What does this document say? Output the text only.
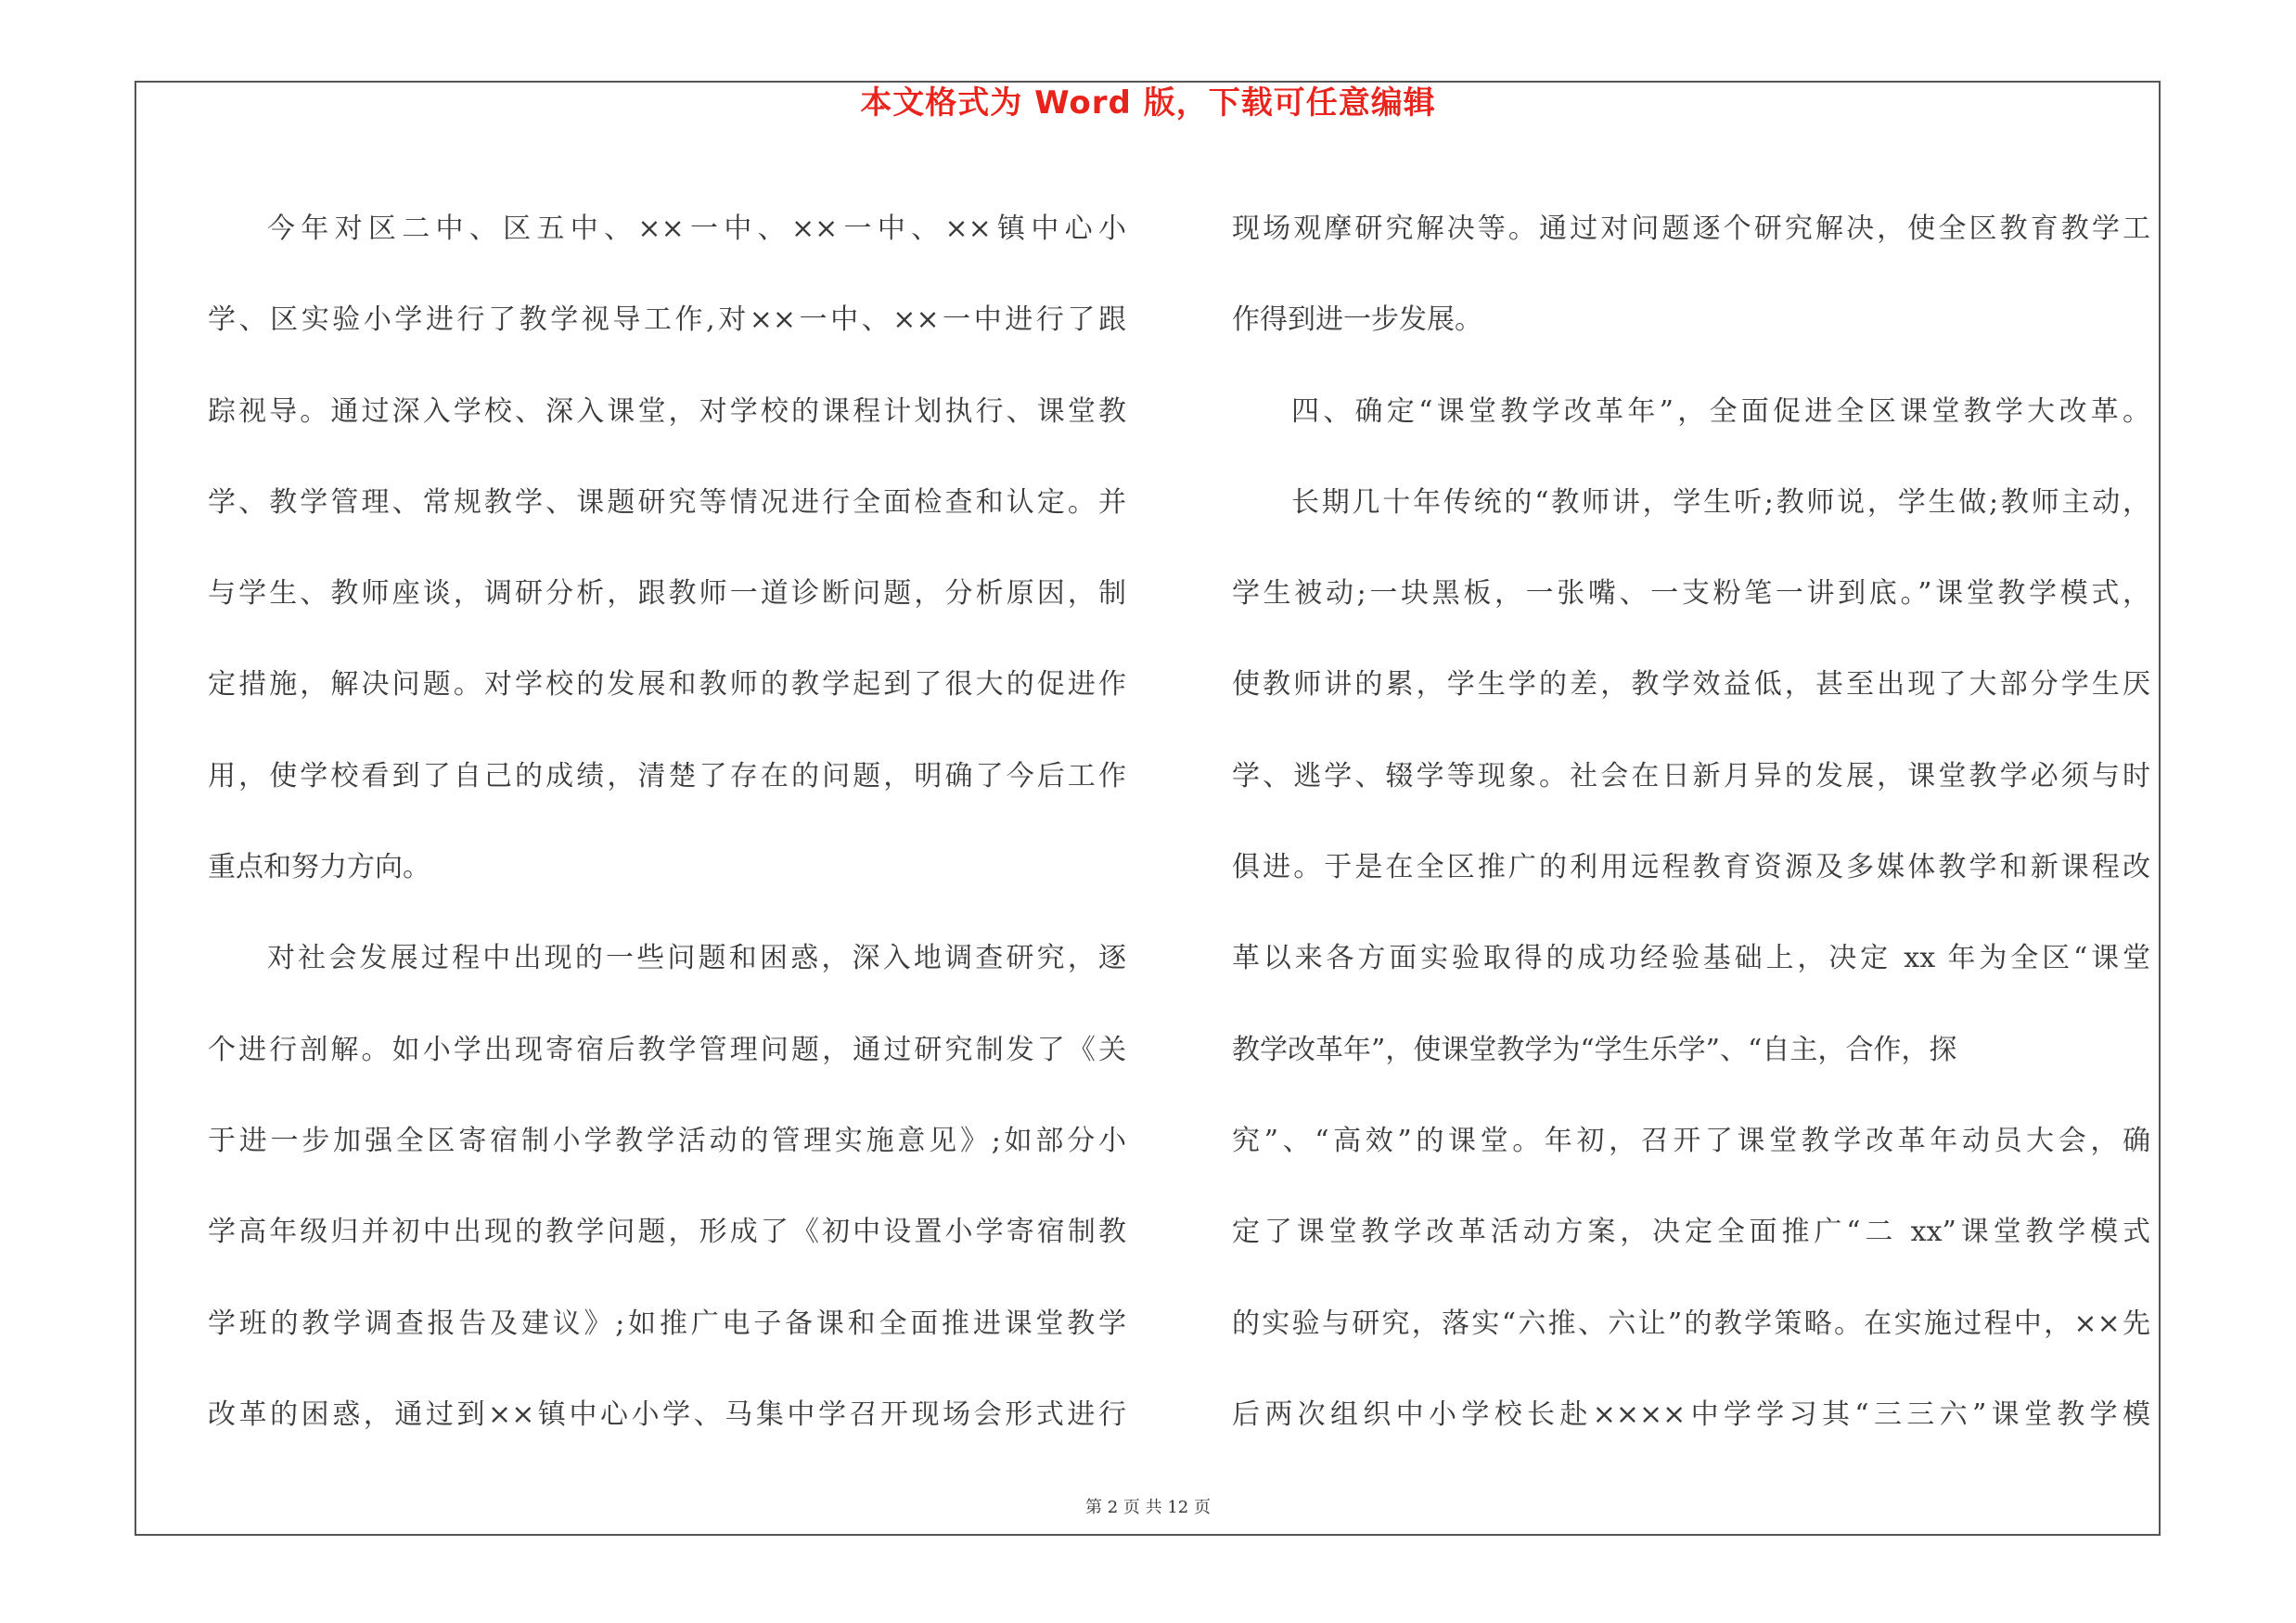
本文格式为 Word 版，下载可任意编辑
今年对区二中、区五中、××一中、××一中、××镇中心小
学、区实验小学进行了教学视导工作,对××一中、××一中进行了跟
踪视导。通过深入学校、深入课堂，对学校的课程计划执行、课堂教
学、教学管理、常规教学、课题研究等情况进行全面检查和认定。并
与学生、教师座谈，调研分析，跟教师一道诊断问题，分析原因，制
定措施，解决问题。对学校的发展和教师的教学起到了很大的促进作
用，使学校看到了自己的成绩，清楚了存在的问题，明确了今后工作
重点和努力方向。
对社会发展过程中出现的一些问题和困惑，深入地调查研究，逐
个进行剖解。如小学出现寄宿后教学管理问题，通过研究制发了《关
于进一步加强全区寄宿制小学教学活动的管理实施意见》;如部分小
学高年级归并初中出现的教学问题，形成了《初中设置小学寄宿制教
学班的教学调查报告及建议》;如推广电子备课和全面推进课堂教学
改革的困惑，通过到××镇中心小学、马集中学召开现场会形式进行
现场观摩研究解决等。通过对问题逐个研究解决，使全区教育教学工
作得到进一步发展。
四、确定“课堂教学改革年”，全面促进全区课堂教学大改革。
长期几十年传统的“教师讲，学生听;教师说，学生做;教师主动，
学生被动;一块黑板，一张嘴、一支粉笔一讲到底。”课堂教学模式，
使教师讲的累，学生学的差，教学效益低，甚至出现了大部分学生厌
学、逃学、辍学等现象。社会在日新月异的发展，课堂教学必须与时
俱进。于是在全区推广的利用远程教育资源及多媒体教学和新课程改
革以来各方面实验取得的成功经验基础上，决定 xx 年为全区“课堂
教学改革年”，使课堂教学为“学生乐学”、“自主，合作，探
究”、“高效”的课堂。年初，召开了课堂教学改革年动员大会，确
定了课堂教学改革活动方案，决定全面推广“二 xx”课堂教学模式
的实验与研究，落实“六推、六让”的教学策略。在实施过程中，××先
后两次组织中小学校长赴××××中学学习其“三三六”课堂教学模
第 2 页 共 12 页
